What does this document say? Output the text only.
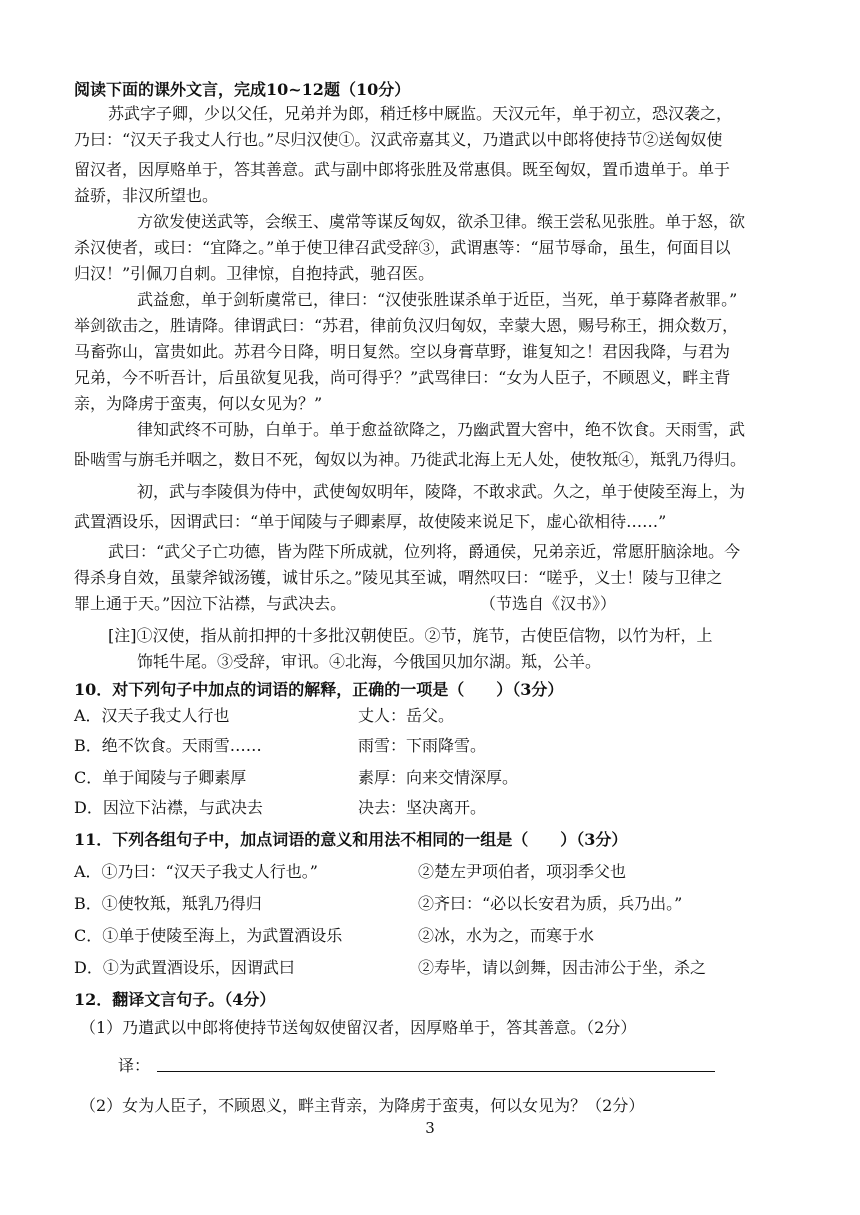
阅读下面的课外文言，完成10~12题（10分）
苏武字子卿，少以父任，兄弟并为郎，稍迁栘中厩监。天汉元年，单于初立，恐汉袭之，
乃曰：“汉天子我丈人行也。”尽归汉使①。汉武帝嘉其义，乃遣武以中郎将使持节②送匈奴使
留汉者，因厚赂单于，答其善意。武与副中郎将张胜及常惠俱。既至匈奴，置币遗单于。单于
益骄，非汉所望也。
方欲发使送武等，会缑王、虞常等谋反匈奴，欲杀卫律。缑王尝私见张胜。单于怒，欲
杀汉使者，或曰：“宜降之。”单于使卫律召武受辞③，武谓惠等：“屈节辱命，虽生，何面目以
归汉！”引佩刀自刺。卫律惊，自抱持武，驰召医。
武益愈，单于剑斩虞常已，律曰：“汉使张胜谋杀单于近臣，当死，单于募降者赦罪。”
举剑欲击之，胜请降。律谓武曰：“苏君，律前负汉归匈奴，幸蒙大恩，赐号称王，拥众数万，
马畜弥山，富贵如此。苏君今日降，明日复然。空以身膏草野，谁复知之！君因我降，与君为
兄弟，今不听吾计，后虽欲复见我，尚可得乎？”武骂律曰：“女为人臣子，不顾恩义，畔主背
亲，为降虏于蛮夷，何以女见为？”
律知武终不可胁，白单于。单于愈益欲降之，乃幽武置大窖中，绝不饮食。天雨雪，武
卧啮雪与旃毛并咽之，数日不死，匈奴以为神。乃徙武北海上无人处，使牧羝④，羝乳乃得归。
初，武与李陵俱为侍中，武使匈奴明年，陵降，不敢求武。久之，单于使陵至海上，为
武置酒设乐，因谓武曰：“单于闻陵与子卿素厚，故使陵来说足下，虚心欲相待……”
武曰：“武父子亡功德，皆为陛下所成就，位列将，爵通侯，兄弟亲近，常愿肝脑涂地。今
得杀身自效，虽蒙斧钺汤镬，诚甘乐之。”陵见其至诚，喟然叹曰：“嗟乎，义士！陵与卫律之
罪上通于天。”因泣下沾襟，与武决去。	（节选自《汉书》）
[注]①汉使，指从前扣押的十多批汉朝使臣。②节，旄节，古使臣信物，以竹为杆，上
饰牦牛尾。③受辞，审讯。④北海，今俄国贝加尔湖。羝，公羊。
10．对下列句子中加点的词语的解释，正确的一项是（　　）（3分）
A．汉天子我丈人行也	丈人：岳父。
B．绝不饮食。天雨雪……	雨雪：下雨降雪。
C．单于闻陵与子卿素厚	素厚：向来交情深厚。
D．因泣下沾襟，与武决去	决去：坚决离开。
11．下列各组句子中，加点词语的意义和用法不相同的一组是（　　）（3分）
A．①乃曰：“汉天子我丈人行也。”	②楚左尹项伯者，项羽季父也
B．①使牧羝，羝乳乃得归	②齐曰：“必以长安君为质，兵乃出。”
C．①单于使陵至海上，为武置酒设乐	②冰，水为之，而寒于水
D．①为武置酒设乐，因谓武曰	②寿毕，请以剑舞，因击沛公于坐，杀之
12．翻译文言句子。（4分）
（1）乃遣武以中郎将使持节送匈奴使留汉者，因厚赂单于，答其善意。（2分）
译：
（2）女为人臣子，不顾恩义，畔主背亲，为降虏于蛮夷，何以女见为？（2分）
3
